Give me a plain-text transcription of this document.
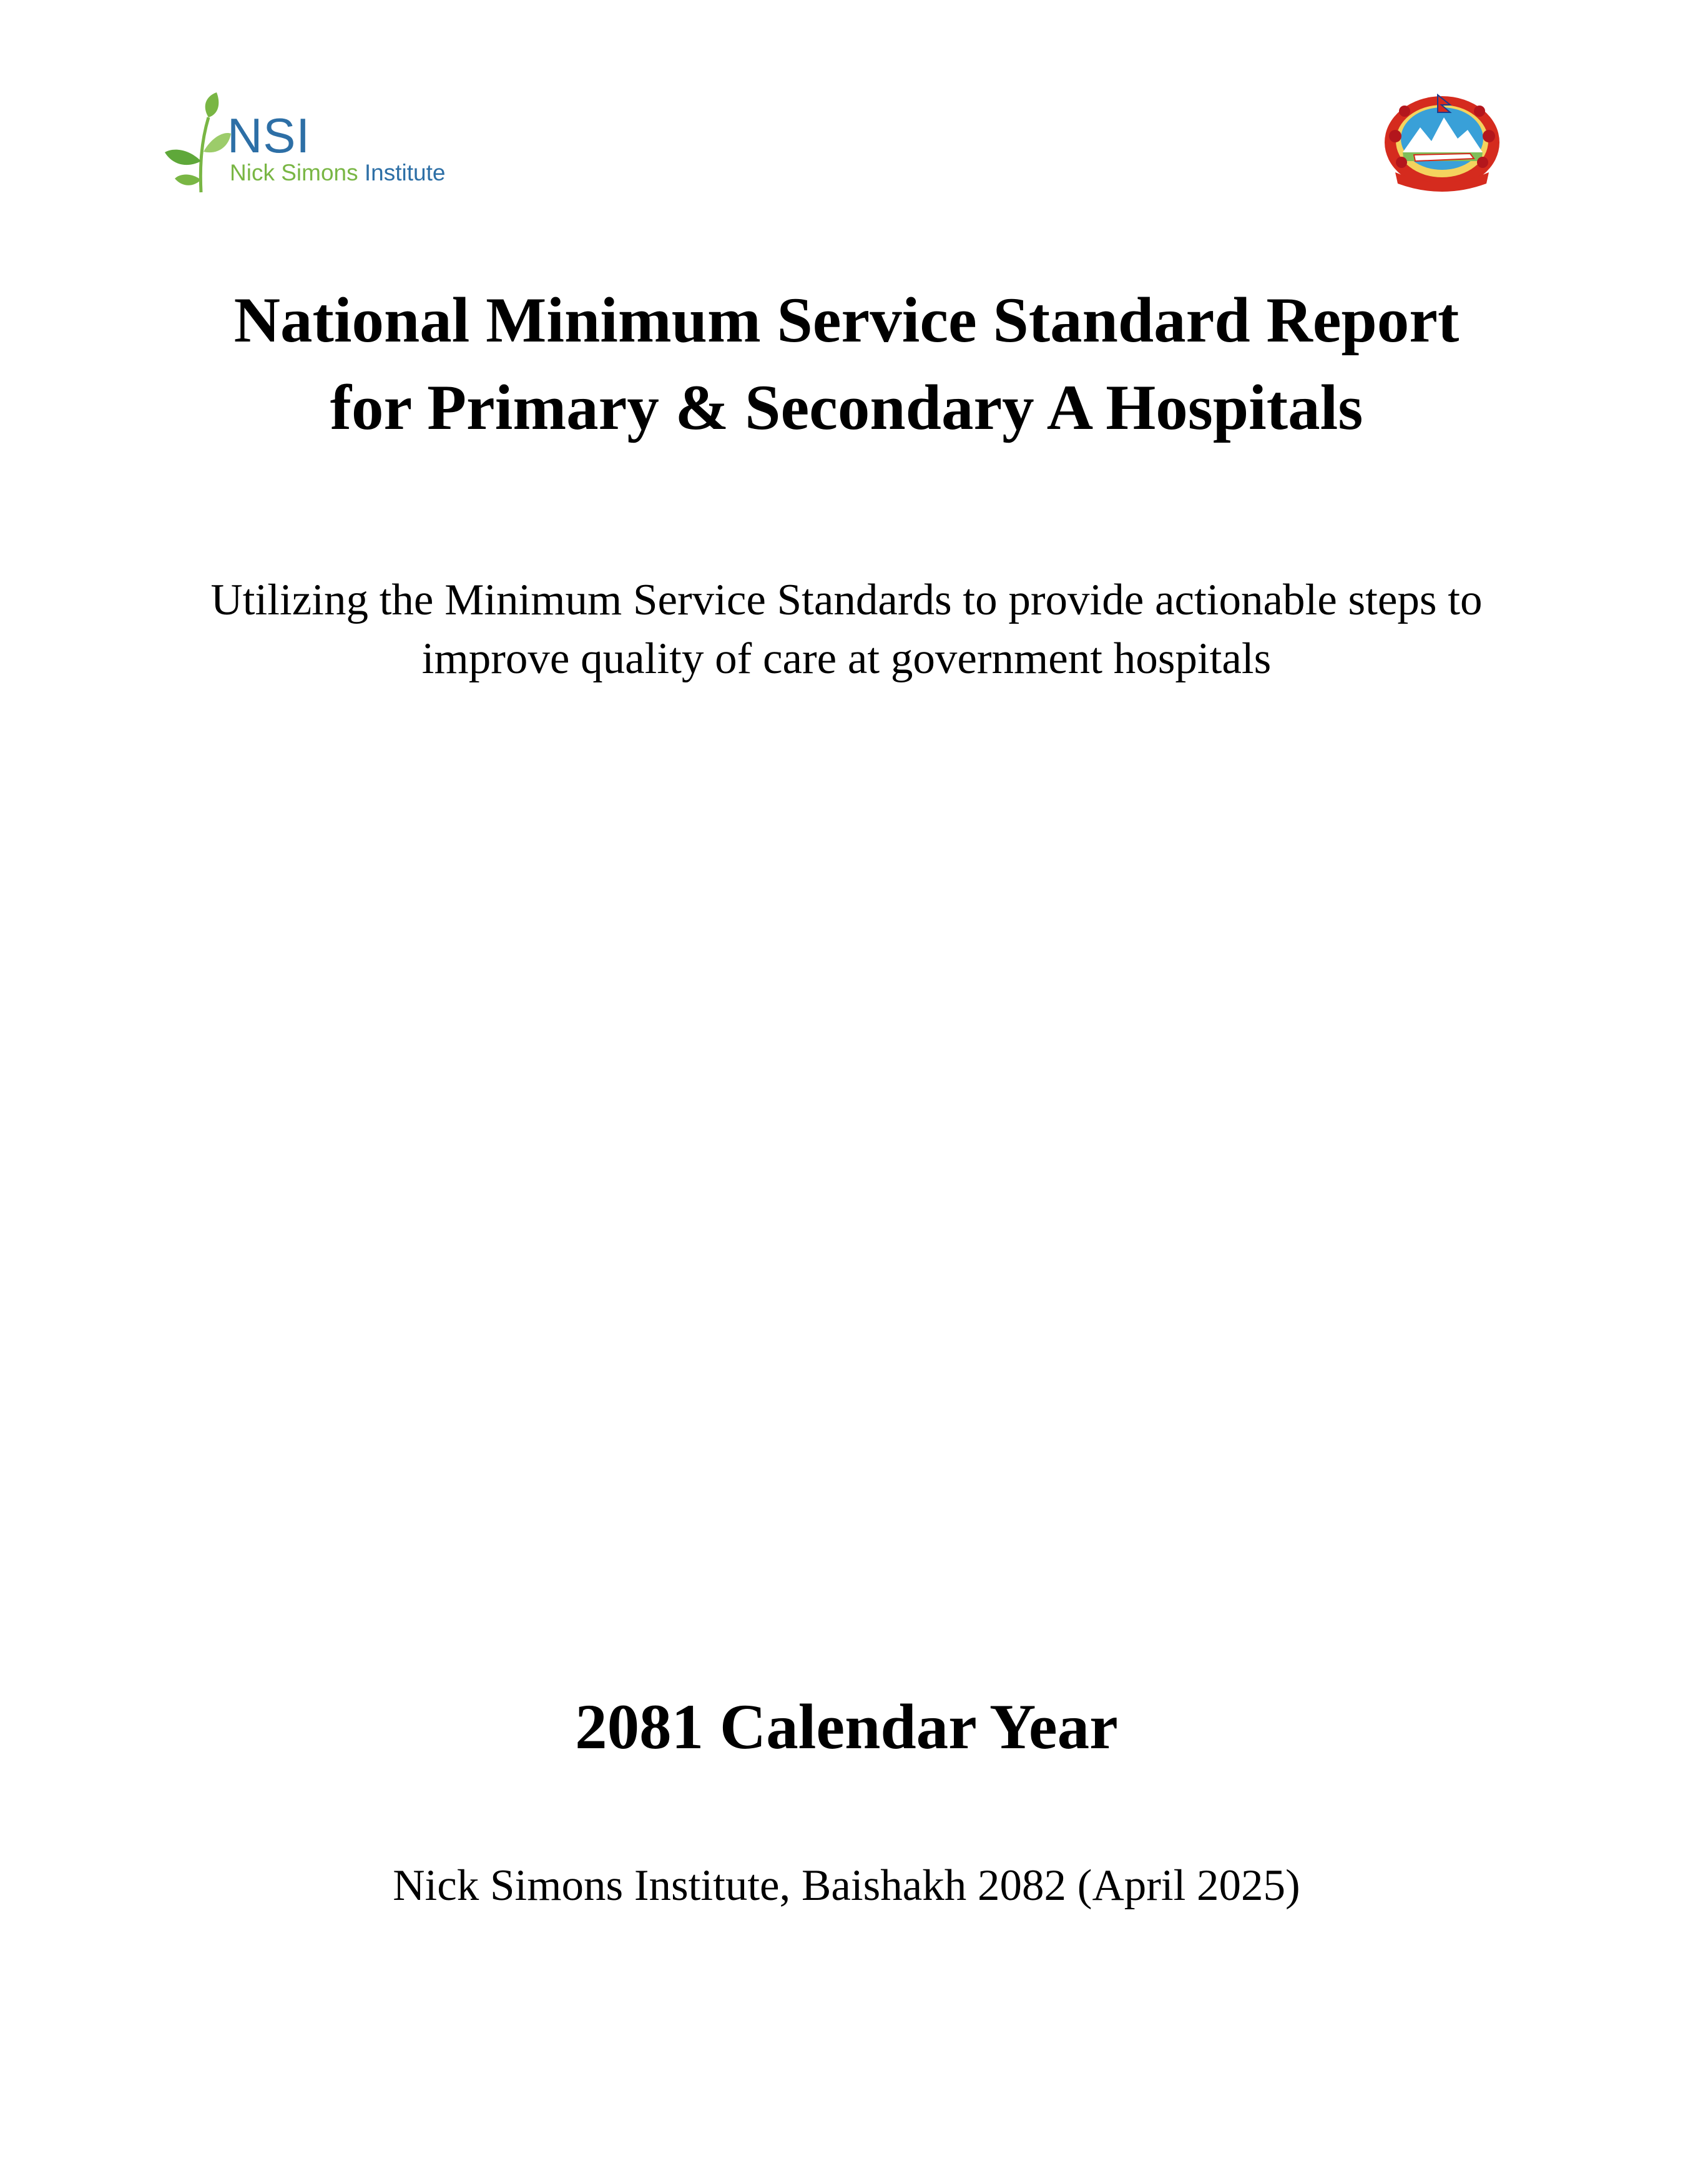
NSI
Nick Simons Institute
National Minimum Service Standard Report
for Primary & Secondary A Hospitals
Utilizing the Minimum Service Standards to provide actionable steps to
improve quality of care at government hospitals
2081 Calendar Year
Nick Simons Institute, Baishakh 2082 (April 2025)
